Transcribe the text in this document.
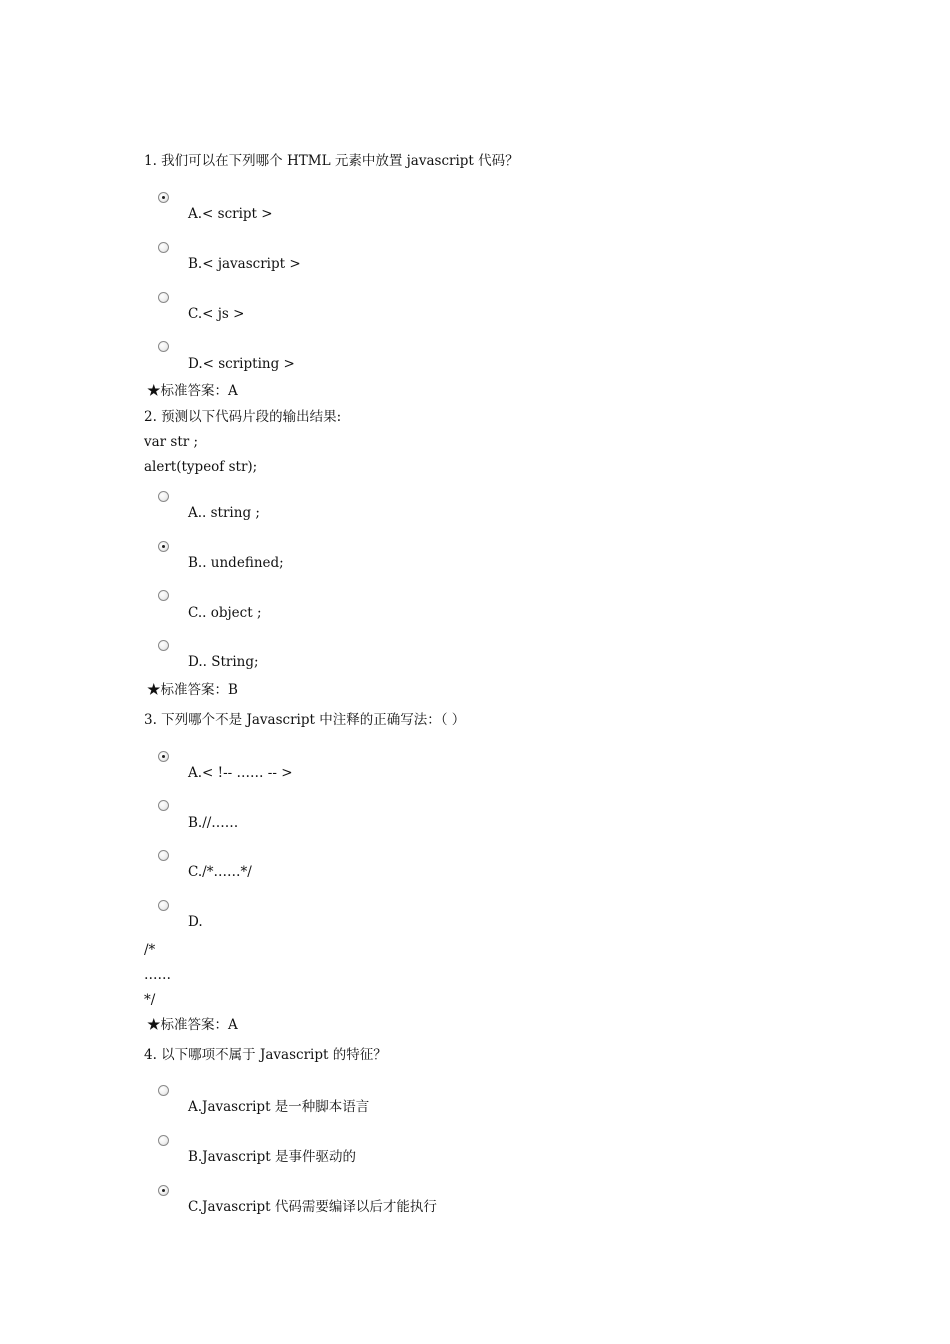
1. 我们可以在下列哪个 HTML 元素中放置 javascript 代码？
A.< script >
B.< javascript >
C.< js >
D.< scripting >
★标准答案：A
2. 预测以下代码片段的输出结果:
var str ;
alert(typeof str);
A.. string ;
B.. undefined;
C.. object ;
D.. String;
★标准答案：B
3. 下列哪个不是 Javascript 中注释的正确写法：（ ）
A.< !-- …… -- >
B.//……
C./*……*/
D.
/*
……
*/
★标准答案：A
4. 以下哪项不属于 Javascript 的特征？
A.Javascript 是一种脚本语言
B.Javascript 是事件驱动的
C.Javascript 代码需要编译以后才能执行
